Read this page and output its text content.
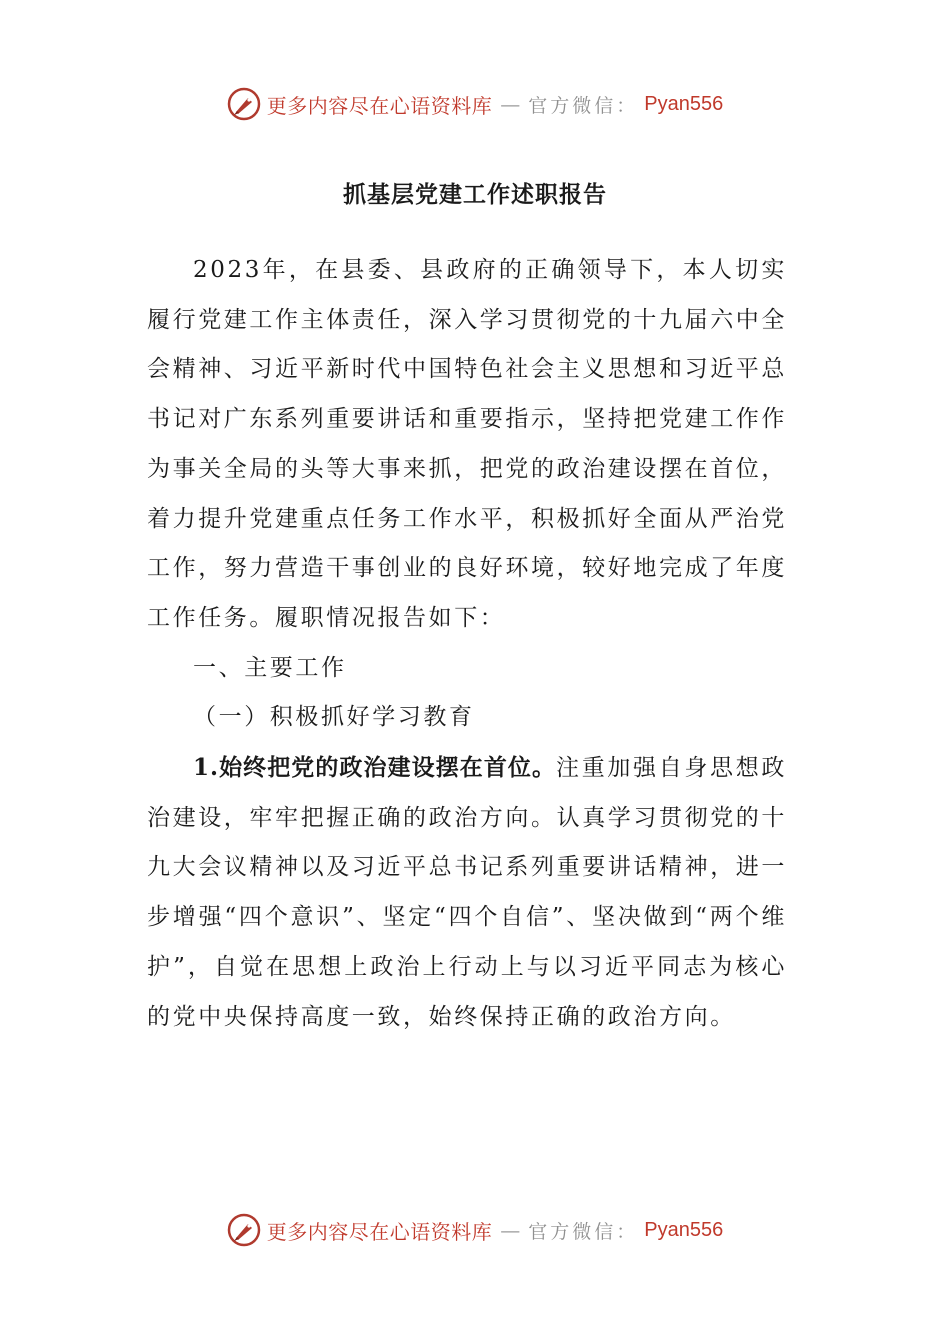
更多内容尽在心语资料库 — 官方微信： Pyan556
抓基层党建工作述职报告

2023年，在县委、县政府的正确领导下，本人切实履行党建工作主体责任，深入学习贯彻党的十九届六中全会精神、习近平新时代中国特色社会主义思想和习近平总书记对广东系列重要讲话和重要指示，坚持把党建工作作为事关全局的头等大事来抓，把党的政治建设摆在首位，着力提升党建重点任务工作水平，积极抓好全面从严治党工作，努力营造干事创业的良好环境，较好地完成了年度工作任务。履职情况报告如下：

一、主要工作

（一）积极抓好学习教育

1.始终把党的政治建设摆在首位。注重加强自身思想政治建设，牢牢把握正确的政治方向。认真学习贯彻党的十九大会议精神以及习近平总书记系列重要讲话精神，进一步增强“四个意识”、坚定“四个自信”、坚决做到“两个维护”，自觉在思想上政治上行动上与以习近平同志为核心的党中央保持高度一致，始终保持正确的政治方向。

更多内容尽在心语资料库 — 官方微信： Pyan556
